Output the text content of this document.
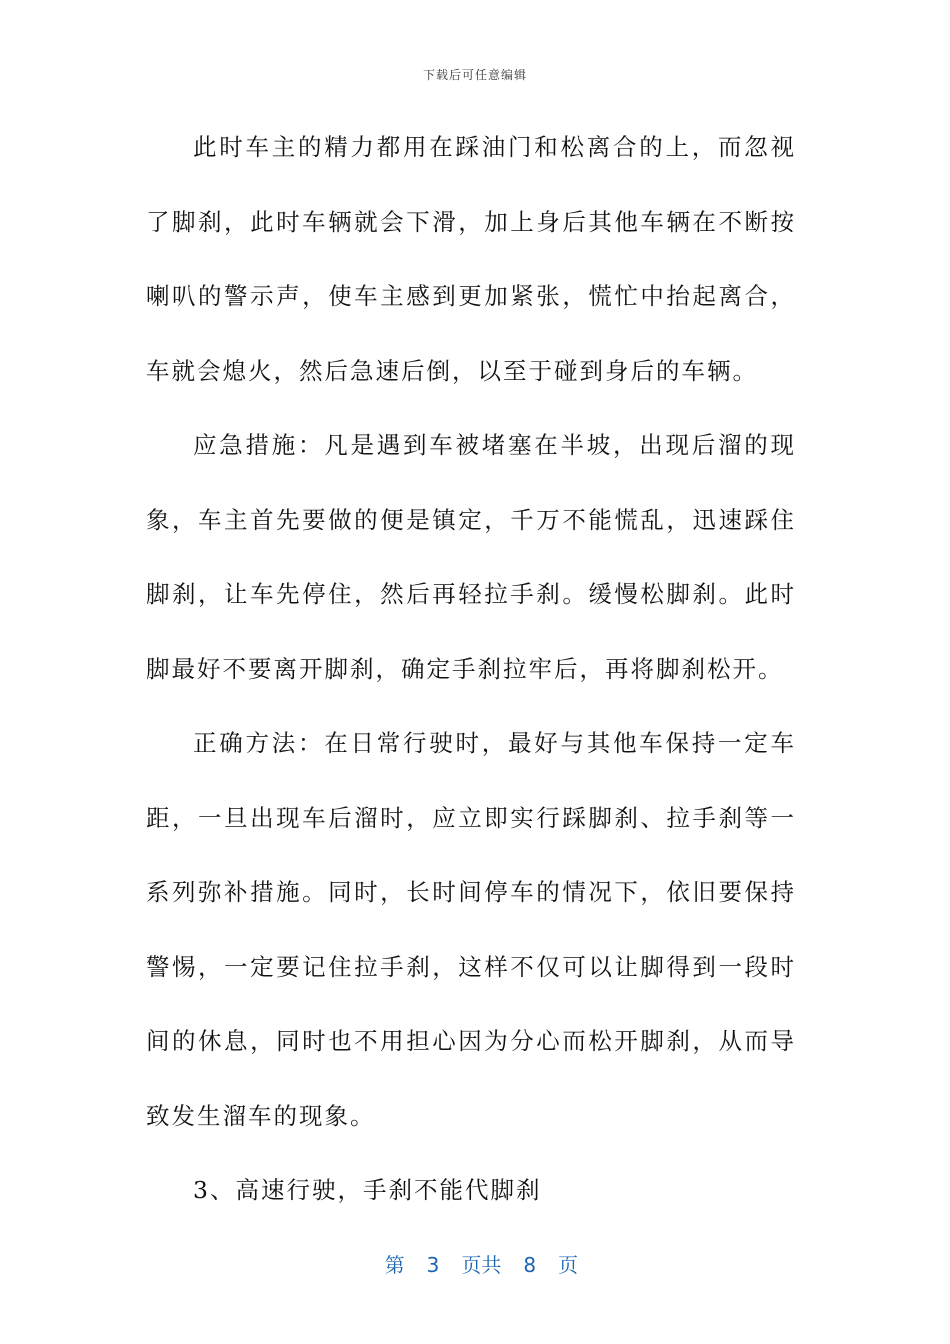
下载后可任意编辑

此时车主的精力都用在踩油门和松离合的上，而忽视了脚刹，此时车辆就会下滑，加上身后其他车辆在不断按喇叭的警示声，使车主感到更加紧张，慌忙中抬起离合，车就会熄火，然后急速后倒，以至于碰到身后的车辆。

应急措施：凡是遇到车被堵塞在半坡，出现后溜的现象，车主首先要做的便是镇定，千万不能慌乱，迅速踩住脚刹，让车先停住，然后再轻拉手刹。缓慢松脚刹。此时脚最好不要离开脚刹，确定手刹拉牢后，再将脚刹松开。

正确方法：在日常行驶时，最好与其他车保持一定车距，一旦出现车后溜时，应立即实行踩脚刹、拉手刹等一系列弥补措施。同时，长时间停车的情况下，依旧要保持警惕，一定要记住拉手刹，这样不仅可以让脚得到一段时间的休息，同时也不用担心因为分心而松开脚刹，从而导致发生溜车的现象。

3、高速行驶，手刹不能代脚刹

第 3 页共 8 页
